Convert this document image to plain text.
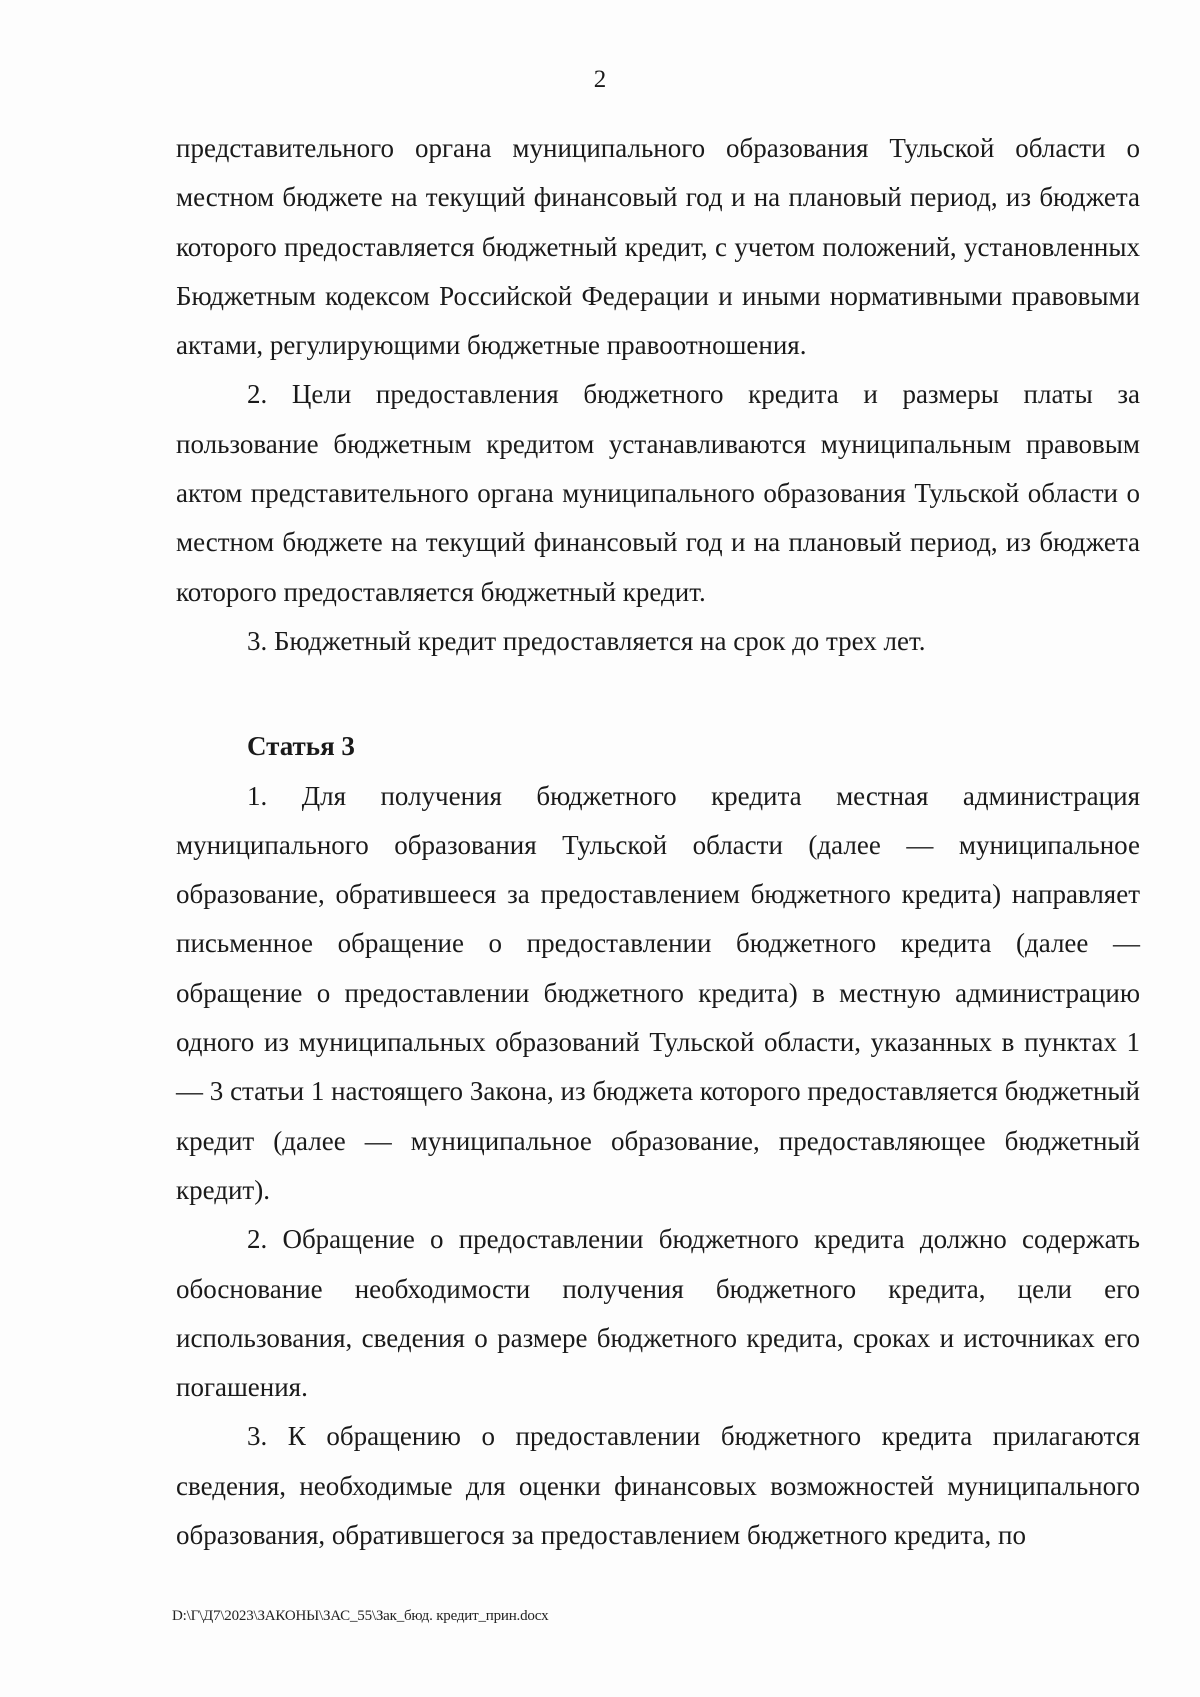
2

представительного органа муниципального образования Тульской области о местном бюджете на текущий финансовый год и на плановый период, из бюджета которого предоставляется бюджетный кредит, с учетом положений, установленных Бюджетным кодексом Российской Федерации и иными нормативными правовыми актами, регулирующими бюджетные правоотношения.

2. Цели предоставления бюджетного кредита и размеры платы за пользование бюджетным кредитом устанавливаются муниципальным правовым актом представительного органа муниципального образования Тульской области о местном бюджете на текущий финансовый год и на плановый период, из бюджета которого предоставляется бюджетный кредит.

3. Бюджетный кредит предоставляется на срок до трех лет.

Статья 3

1. Для получения бюджетного кредита местная администрация муниципального образования Тульской области (далее — муниципальное образование, обратившееся за предоставлением бюджетного кредита) направляет письменное обращение о предоставлении бюджетного кредита (далее — обращение о предоставлении бюджетного кредита) в местную администрацию одного из муниципальных образований Тульской области, указанных в пунктах 1 — 3 статьи 1 настоящего Закона, из бюджета которого предоставляется бюджетный кредит (далее — муниципальное образование, предоставляющее бюджетный кредит).

2. Обращение о предоставлении бюджетного кредита должно содержать обоснование необходимости получения бюджетного кредита, цели его использования, сведения о размере бюджетного кредита, сроках и источниках его погашения.

3. К обращению о предоставлении бюджетного кредита прилагаются сведения, необходимые для оценки финансовых возможностей муниципального образования, обратившегося за предоставлением бюджетного кредита, по

D:\Г\Д7\2023\ЗАКОНЫ\ЗАС_55\Зак_бюд. кредит_прин.docx
